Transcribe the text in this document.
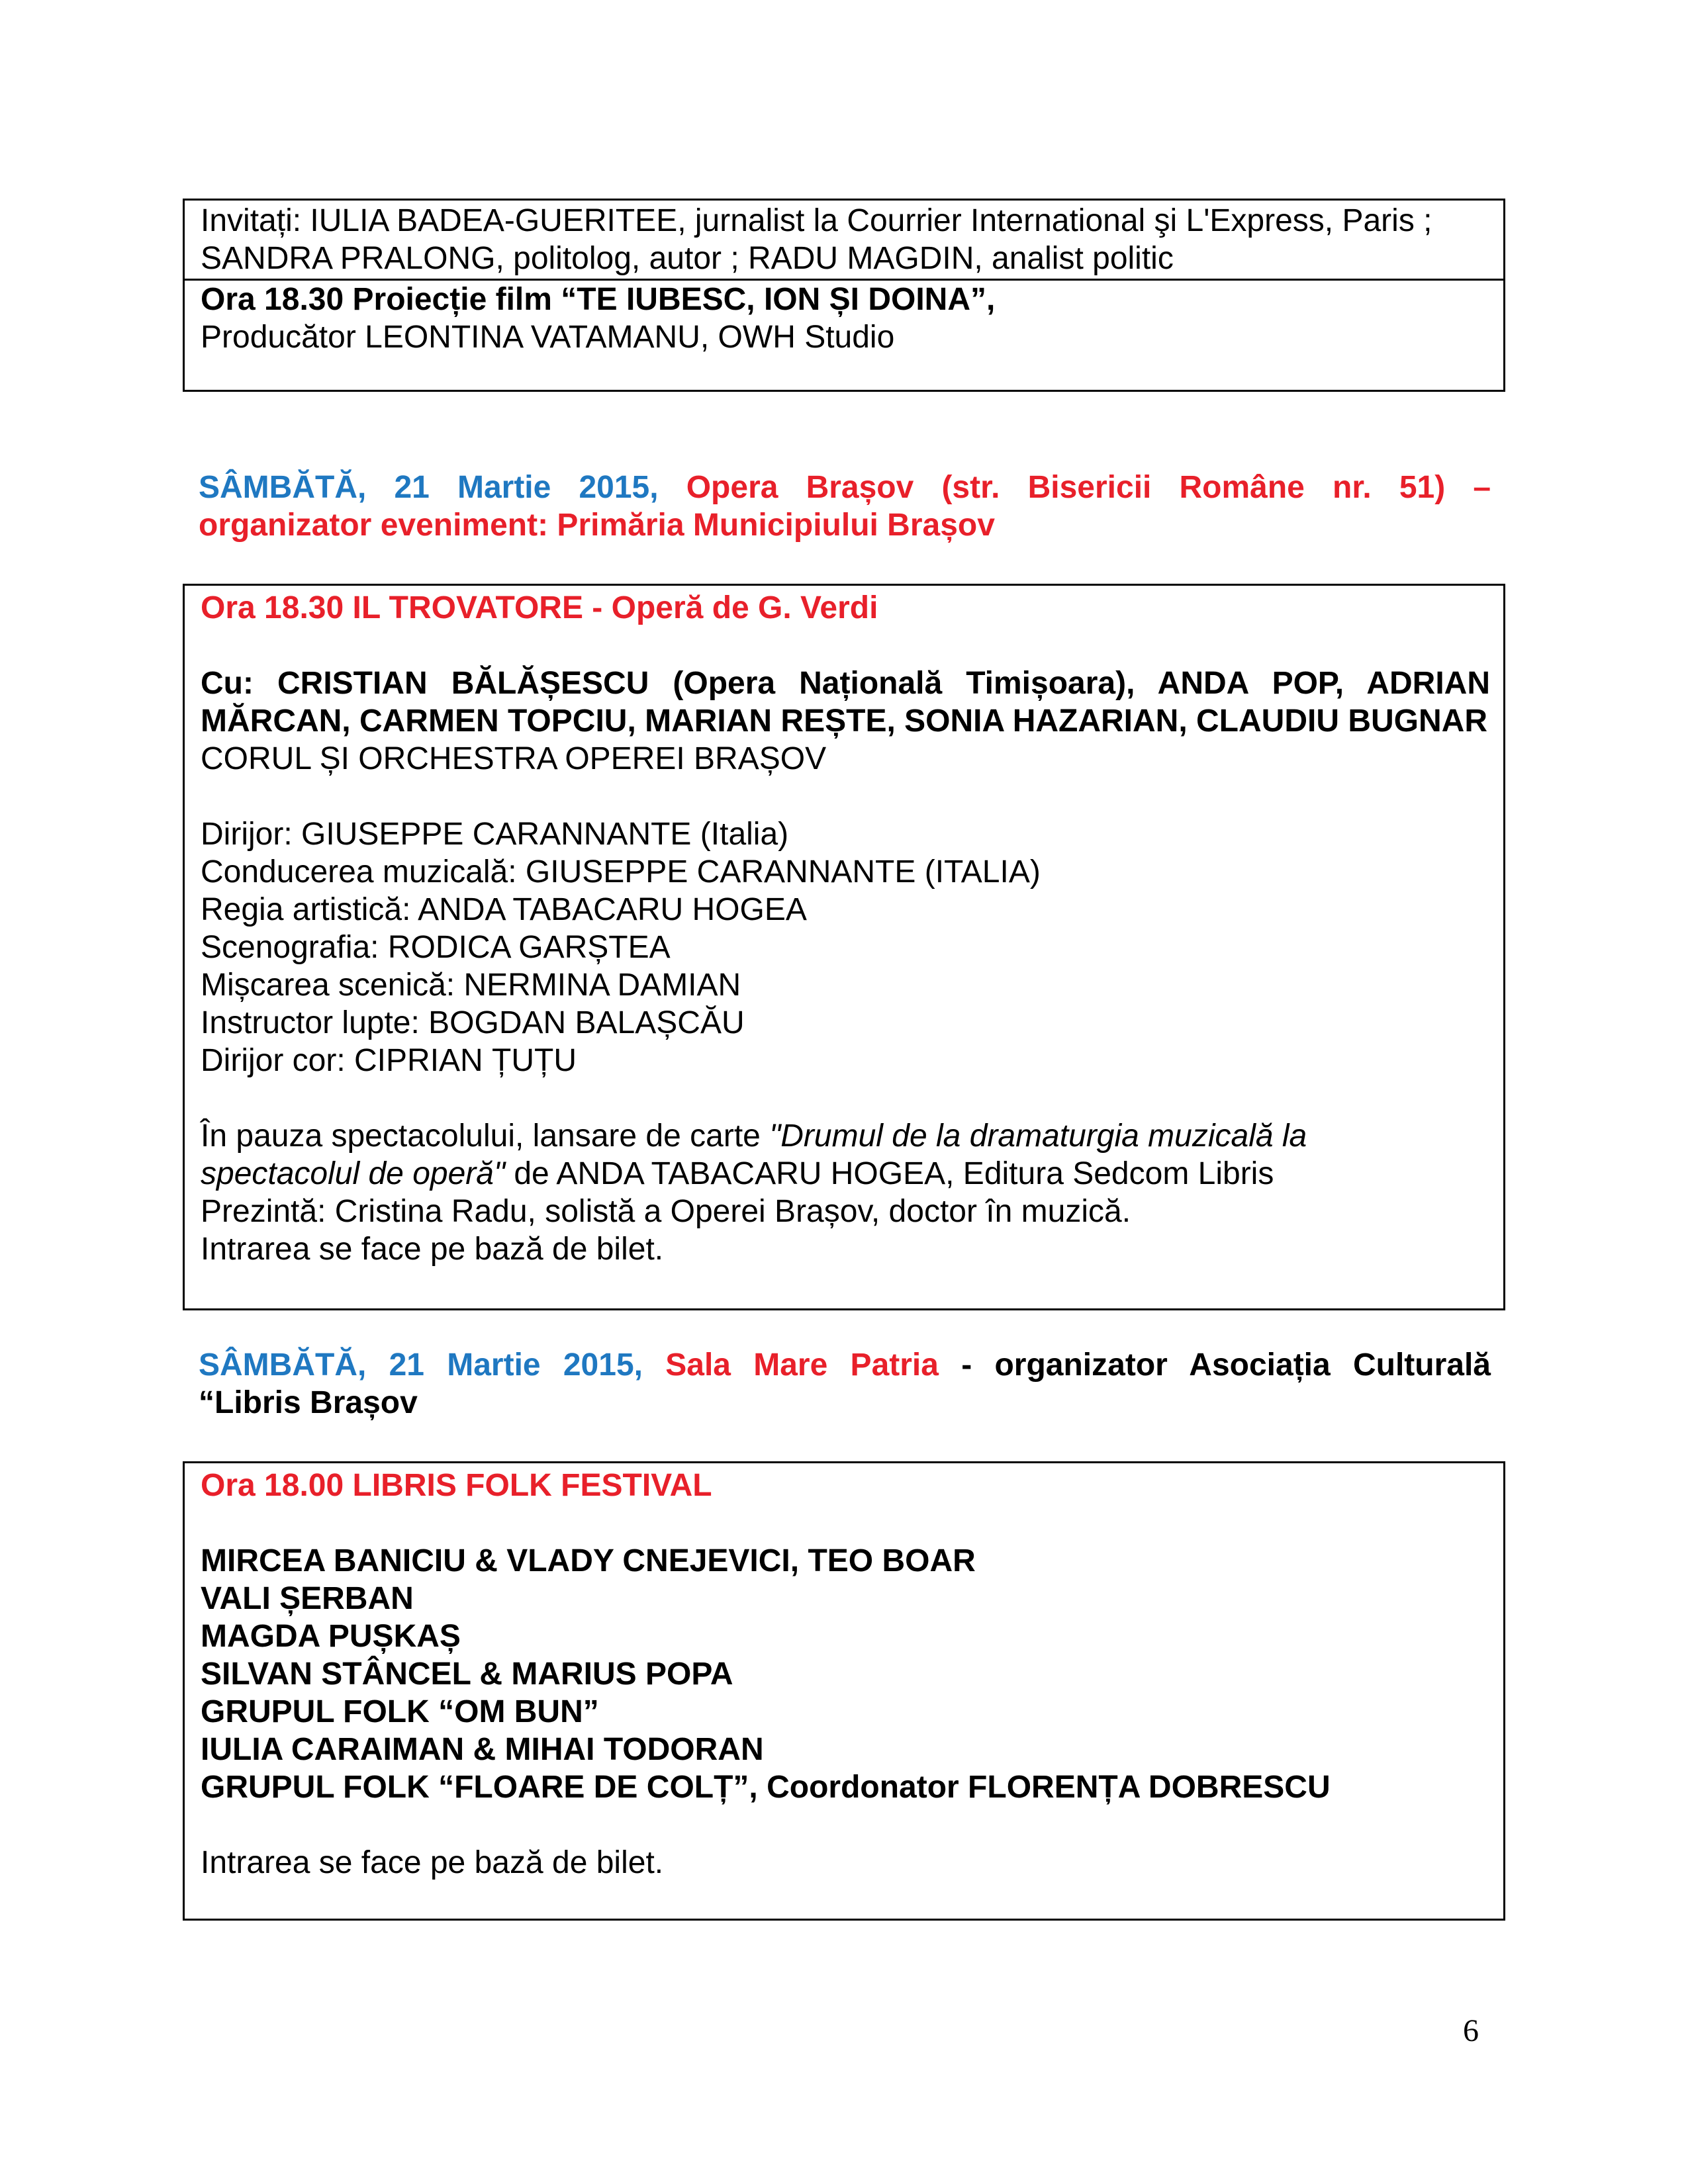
Invitați: IULIA BADEA-GUERITEE, jurnalist la Courrier International şi L'Express, Paris ; SANDRA PRALONG, politolog, autor ; RADU MAGDIN, analist politic
Ora 18.30 Proiecție film “TE IUBESC, ION ȘI DOINA”,
Producător LEONTINA VATAMANU, OWH Studio
SÂMBĂTĂ, 21 Martie 2015, Opera Brașov (str. Bisericii Române nr. 51) –
organizator eveniment: Primăria Municipiului Brașov
Ora 18.30 IL TROVATORE - Operă de G. Verdi
Cu: CRISTIAN BĂLĂȘESCU (Opera Națională Timișoara), ANDA POP, ADRIAN MĂRCAN, CARMEN TOPCIU, MARIAN REȘTE, SONIA HAZARIAN, CLAUDIU BUGNAR
CORUL ȘI ORCHESTRA OPEREI BRAȘOV
Dirijor: GIUSEPPE CARANNANTE (Italia)
Conducerea muzicală: GIUSEPPE CARANNANTE (ITALIA)
Regia artistică: ANDA TABACARU HOGEA
Scenografia: RODICA GARȘTEA
Mișcarea scenică: NERMINA DAMIAN
Instructor lupte: BOGDAN BALAȘCĂU
Dirijor cor: CIPRIAN ȚUȚU
În pauza spectacolului, lansare de carte "Drumul de la dramaturgia muzicală la
spectacolul de operă" de ANDA TABACARU HOGEA, Editura Sedcom Libris
Prezintă: Cristina Radu, solistă a Operei Brașov, doctor în muzică.
Intrarea se face pe bază de bilet.
SÂMBĂTĂ, 21 Martie 2015, Sala Mare Patria - organizator Asociația Culturală
“Libris Brașov
Ora 18.00 LIBRIS FOLK FESTIVAL
MIRCEA BANICIU & VLADY CNEJEVICI, TEO BOAR
VALI ȘERBAN
MAGDA PUȘKAȘ
SILVAN STÂNCEL & MARIUS POPA
GRUPUL FOLK “OM BUN”
IULIA CARAIMAN & MIHAI TODORAN
GRUPUL FOLK “FLOARE DE COLȚ”, Coordonator FLORENȚA DOBRESCU
Intrarea se face pe bază de bilet.
6
